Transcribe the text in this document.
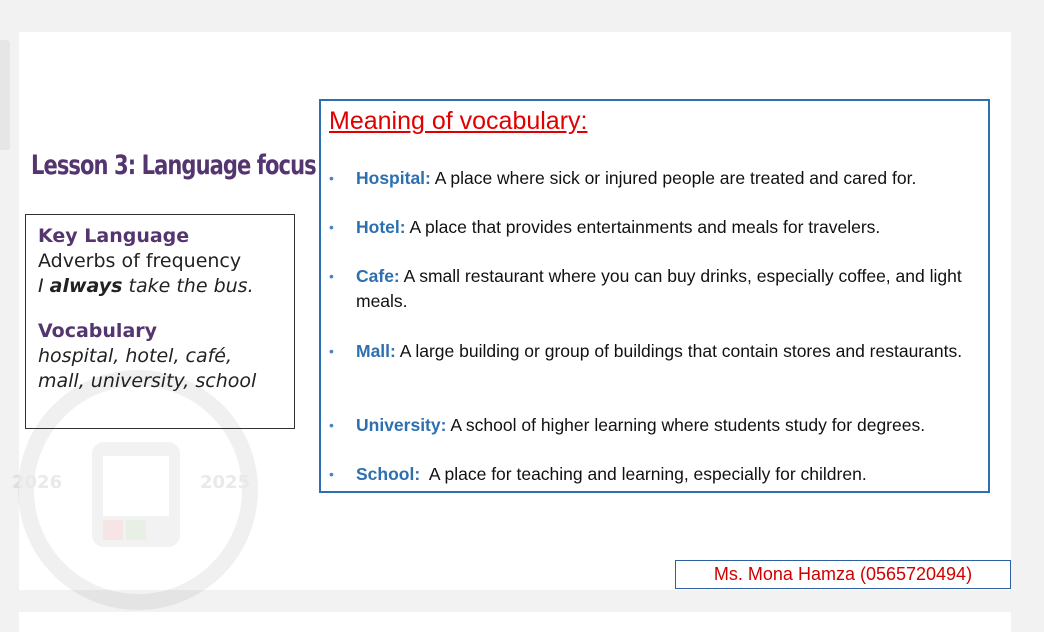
2026	2025
Lesson 3: Language focus
Key Language
Adverbs of frequency
I always take the bus.
Vocabulary
hospital, hotel, café,
mall, university, school
Meaning of vocabulary:
• Hospital: A place where sick or injured people are treated and cared for.
• Hotel: A place that provides entertainments and meals for travelers.
• Cafe: A small restaurant where you can buy drinks, especially coffee, and light meals.
• Mall: A large building or group of buildings that contain stores and restaurants.
• University: A school of higher learning where students study for degrees.
• School:  A place for teaching and learning, especially for children.
Ms. Mona Hamza (0565720494)
